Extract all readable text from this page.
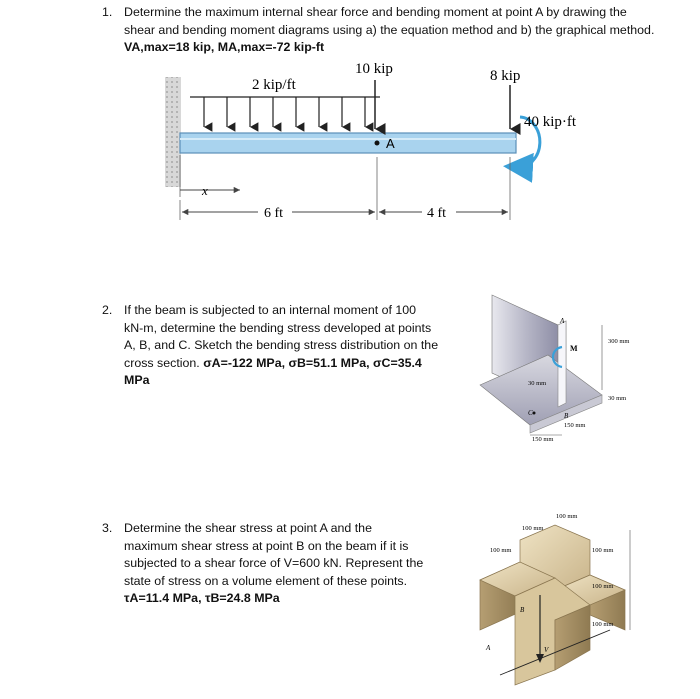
1. Determine the maximum internal shear force and bending moment at point A by drawing the
shear and bending moment diagrams using a) the equation method and b) the graphical method.
VA,max=18 kip, MA,max=-72 kip-ft
2 kip/ft
10 kip	8 kip
40 kip·ft
A
x
6 ft	4 ft
2. If the beam is subjected to an internal moment of 100
kN-m, determine the bending stress developed at points
A, B, and C. Sketch the bending stress distribution on the
cross section. σA=-122 MPa, σB=51.1 MPa, σC=35.4 MPa
M
A
C	B
300 mm
30 mm
30 mm
150 mm
150 mm
3. Determine the shear stress at point A and the
maximum shear stress at point B on the beam if it is
subjected to a shear force of V=600 kN. Represent the
state of stress on a volume element of these points.
τA=11.4 MPa, τB=24.8 MPa
V
B
A
100 mm
100 mm
100 mm	100 mm
100 mm
100 mm
